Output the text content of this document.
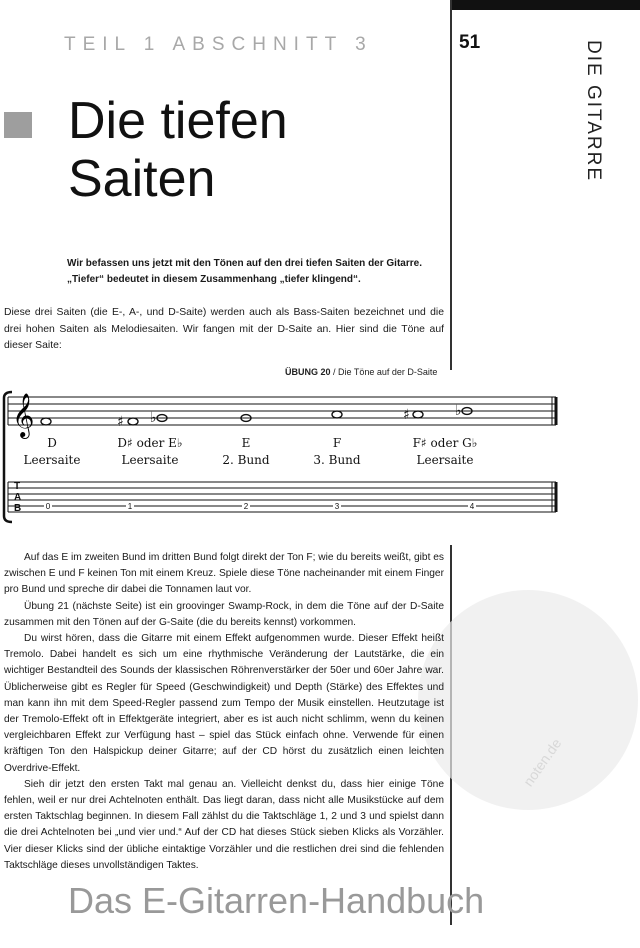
TEIL 1 ABSCHNITT 3	51	DIE GITARRE
Die tiefen
Saiten
Wir befassen uns jetzt mit den Tönen auf den drei tiefen Saiten der Gitarre. „Tiefer“ bedeutet in diesem Zusammenhang „tiefer klingend“.
Diese drei Saiten (die E-, A-, und D-Saite) werden auch als Bass-Saiten bezeichnet und die drei hohen Saiten als Melodiesaiten. Wir fangen mit der D-Saite an. Hier sind die Töne auf dieser Saite:
ÜBUNG 20 / Die Töne auf der D-Saite
𝄞	♯ ♭	♯	♭
D
Leersaite
D♯ oder E♭
Leersaite
E
2. Bund
F
3. Bund
F♯ oder G♭
Leersaite
T
A
B	0	1	2	3	4
noten.de

Auf das E im zweiten Bund im dritten Bund folgt direkt der Ton F; wie du bereits weißt, gibt es zwischen E und F keinen Ton mit einem Kreuz. Spiele diese Töne nacheinander mit einem Finger pro Bund und spreche dir dabei die Tonnamen laut vor.

Übung 21 (nächste Seite) ist ein groovinger Swamp-Rock, in dem die Töne auf der D-Saite zusammen mit den Tönen auf der G-Saite (die du bereits kennst) vorkommen.

Du wirst hören, dass die Gitarre mit einem Effekt aufgenommen wurde. Dieser Effekt heißt Tremolo. Dabei handelt es sich um eine rhythmische Veränderung der Lautstärke, die ein wichtiger Bestandteil des Sounds der klassischen Röhrenverstärker der 50er und 60er Jahre war. Üblicherweise gibt es Regler für Speed (Geschwindigkeit) und Depth (Stärke) des Effektes und man kann ihn mit dem Speed-Regler passend zum Tempo der Musik einstellen. Heutzutage ist der Tremolo-Effekt oft in Effektgeräte integriert, aber es ist auch nicht schlimm, wenn du keinen vergleichbaren Effekt zur Verfügung hast – spiel das Stück einfach ohne. Verwende für einen kräftigen Ton den Halspickup deiner Gitarre; auf der CD hörst du zusätzlich einen leichten Overdrive-Effekt.

Sieh dir jetzt den ersten Takt mal genau an. Vielleicht denkst du, dass hier einige Töne fehlen, weil er nur drei Achtelnoten enthält. Das liegt daran, dass nicht alle Musikstücke auf dem ersten Taktschlag beginnen. In diesem Fall zählst du die Taktschläge 1, 2 und 3 und spielst dann die drei Achtelnoten bei „und vier und.“ Auf der CD hat dieses Stück sieben Klicks als Vorzähler. Vier dieser Klicks sind der übliche eintaktige Vorzähler und die restlichen drei sind die fehlenden Taktschläge dieses unvollständigen Taktes.

Das E-Gitarren-Handbuch
